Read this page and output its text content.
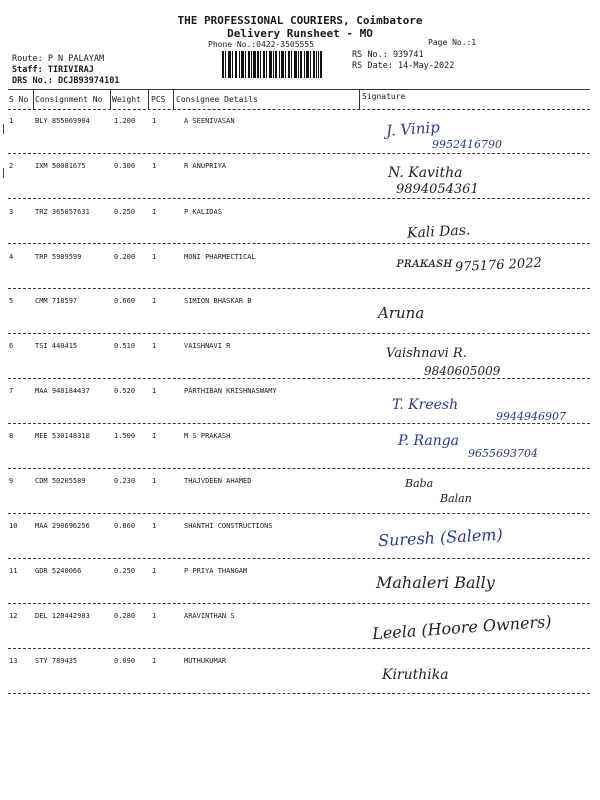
THE PROFESSIONAL COURIERS, Coimbatore
Delivery Runsheet - MO
Phone No.:0422-3505555	Page No.:1
Route: P N PALAYAM
Staff: TIRIVIRAJ
DRS No.: DCJB93974101
RS No.: 939741
RS Date: 14-May-2022
S No Consignment No Weight PCS Consignee Details	Signature
1	BLY 855069904	1.200 1	A SEENIVASAN	J. Vinip
9952416790
2	IXM 50081675	0.300 1	R ANUPRIYA	N. Kavitha
9894054361
3	TRZ 365057631	0.250 1	P KALIDAS
Kali Das.
4	TRP 5989599	0.200 1	MONI PHARMECTICAL	ᴘʀᴀᴋᴀsʜ 975176 2022
5	CMM 718597	0.660 1	SIMION BHASKAR B
Aruna
6	TSI 440415	0.510 1	VAISHNAVI R	Vaishnavi R.
9840605009
7	MAA 940184437	0.520 1	PARTHIBAN KRISHNASWAMY
T. Kreesh
9944946907
8	MEE 530148310	1.500 1	M S PRAKASH	P. Ranga
9655693704
9	CDM 50205589	0.230 1	THAJVDEEN AHAMED	Baba
Balan
10	MAA 290696256	0.860 1	SHANTHI CONSTRUCTIONS	Suresh (Salem)
11	GDR 5240066	0.250 1	P PRIYA THANGAM
Mahaleri Bally
12	DEL 120442983	0.280 1	ARAVINTHAN S	Leela (Hoore Owners)
13	STY 789435	0.090 1	MUTHUKUMAR
Kiruthika
